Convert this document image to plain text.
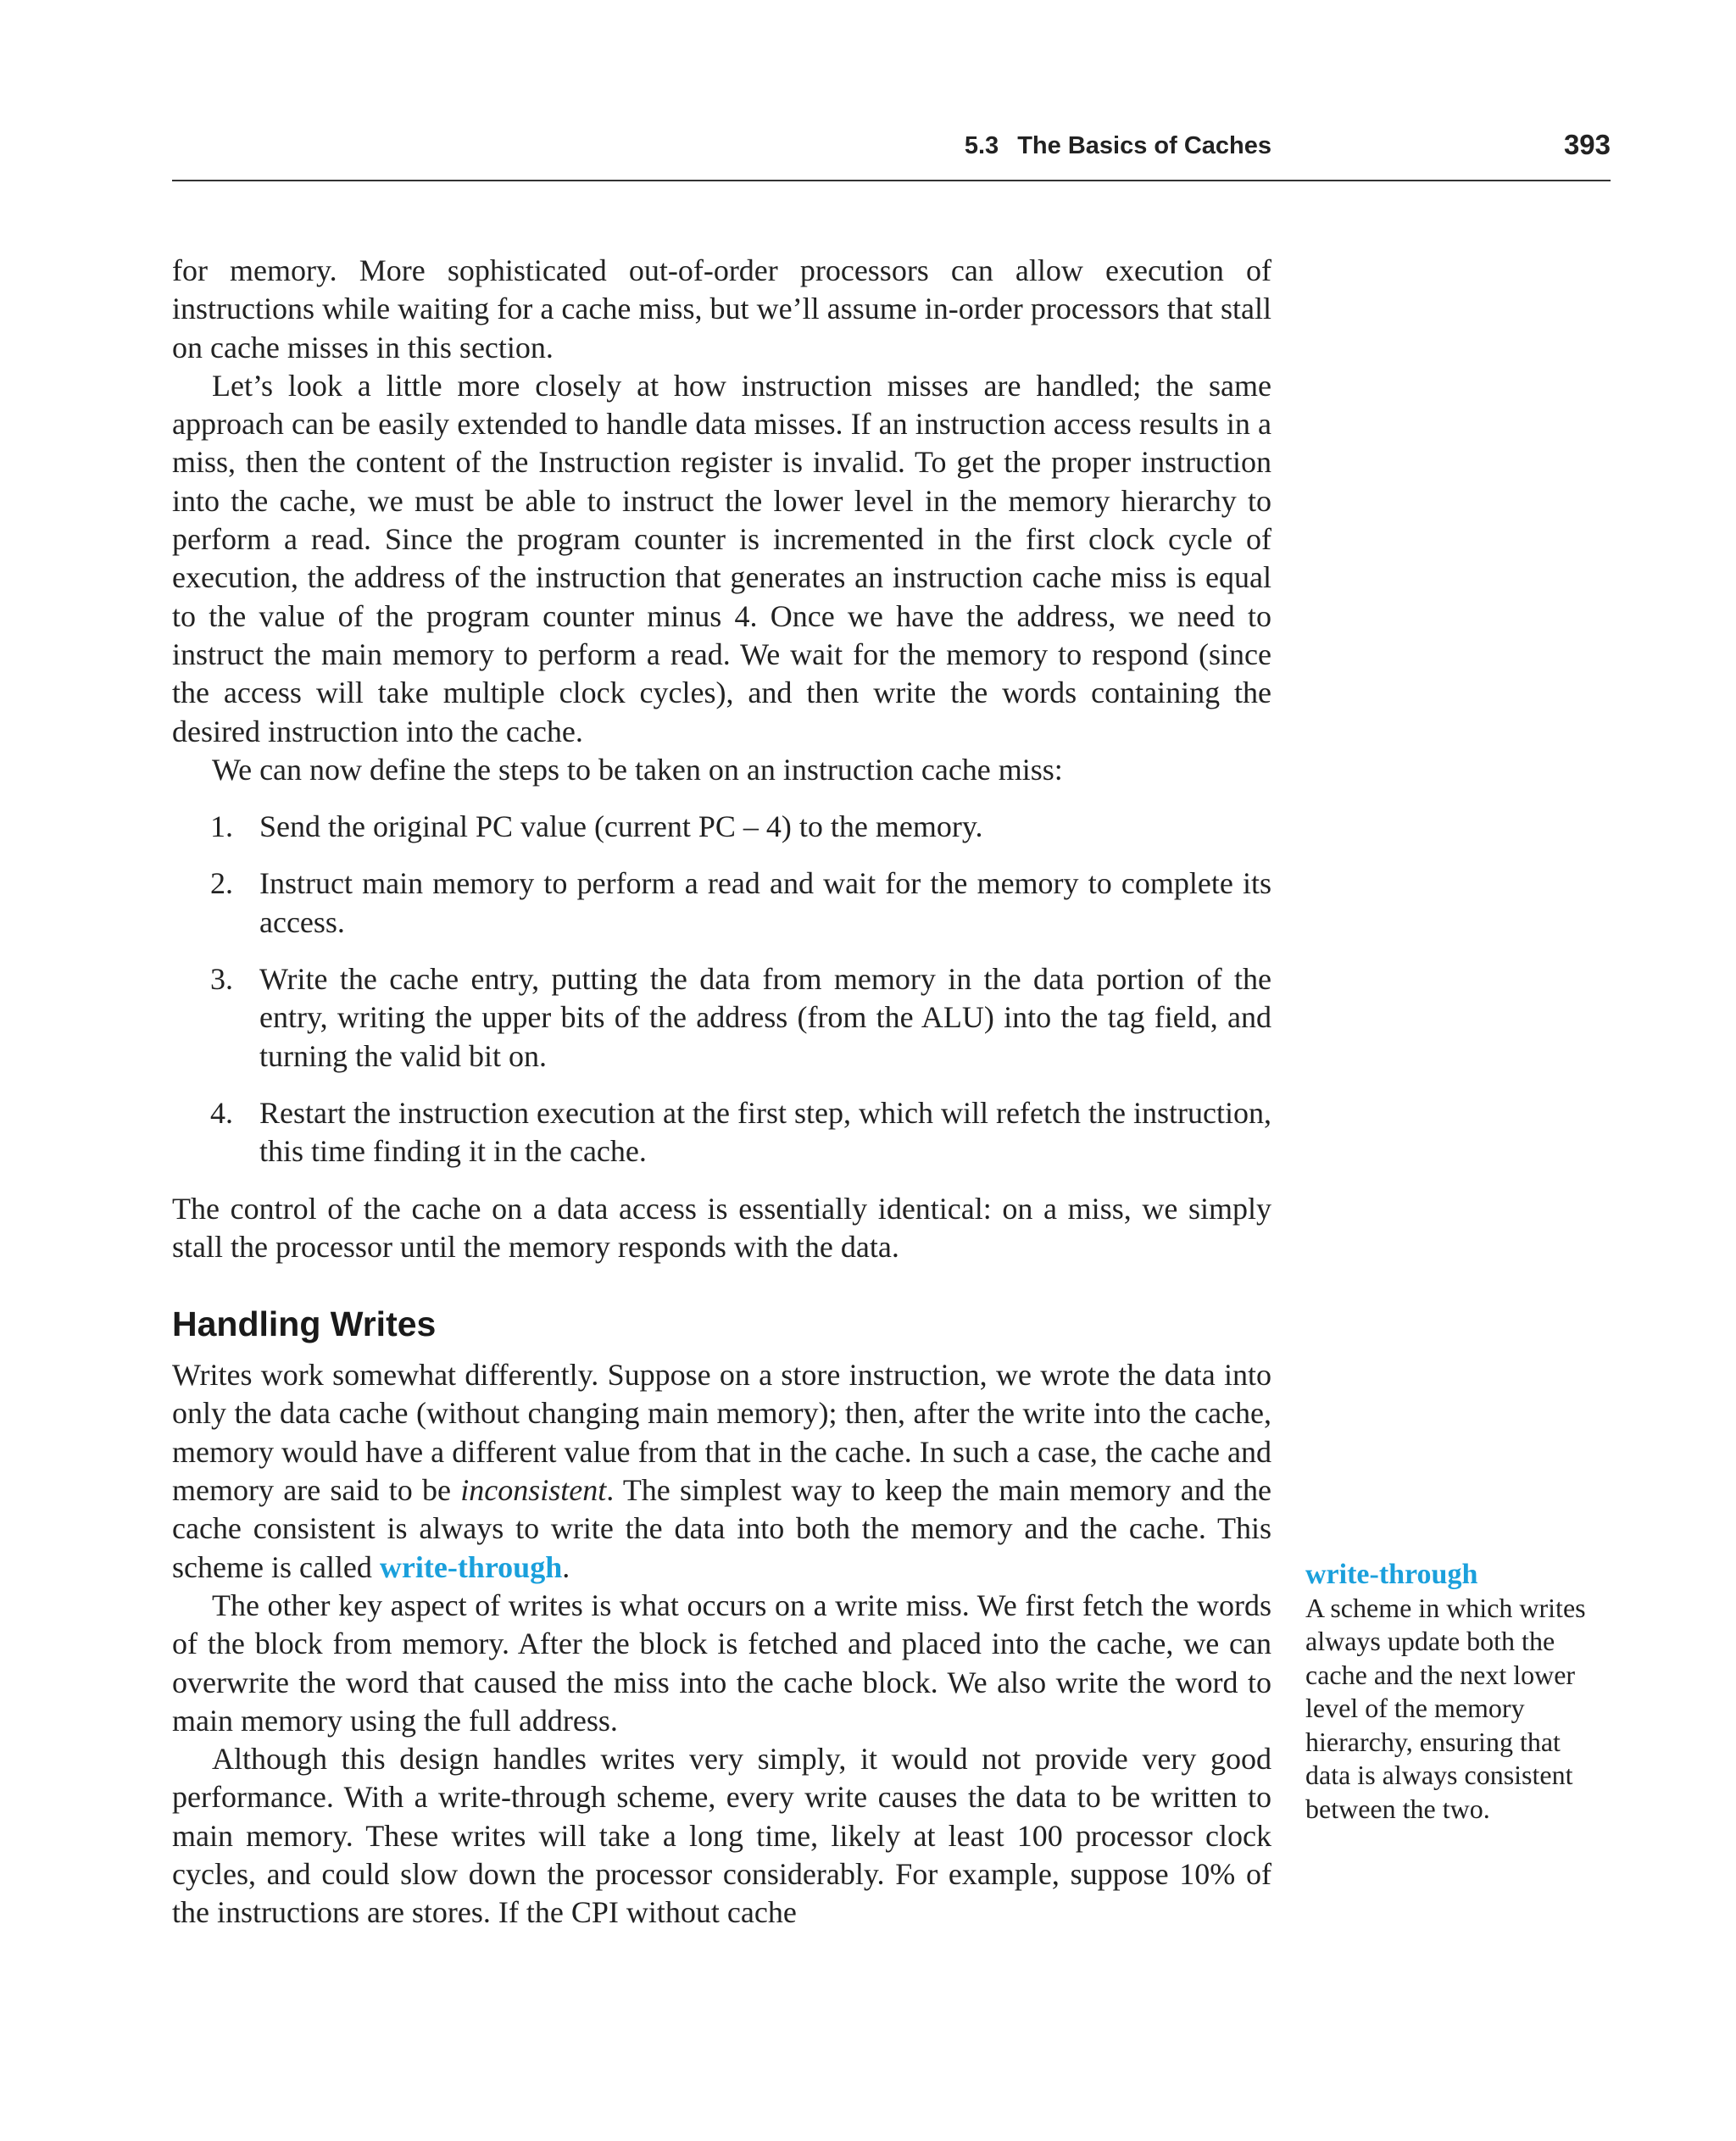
5.3 The Basics of Caches	393

for memory. More sophisticated out-of-order processors can allow execution of instructions while waiting for a cache miss, but we’ll assume in-order processors that stall on cache misses in this section.

Let’s look a little more closely at how instruction misses are handled; the same approach can be easily extended to handle data misses. If an instruction access results in a miss, then the content of the Instruction register is invalid. To get the proper instruction into the cache, we must be able to instruct the lower level in the memory hierarchy to perform a read. Since the program counter is incremented in the first clock cycle of execution, the address of the instruction that generates an instruction cache miss is equal to the value of the program counter minus 4. Once we have the address, we need to instruct the main memory to perform a read. We wait for the memory to respond (since the access will take multiple clock cycles), and then write the words containing the desired instruction into the cache.

We can now define the steps to be taken on an instruction cache miss:

1. Send the original PC value (current PC – 4) to the memory.
2. Instruct main memory to perform a read and wait for the memory to complete its access.
3. Write the cache entry, putting the data from memory in the data portion of the entry, writing the upper bits of the address (from the ALU) into the tag field, and turning the valid bit on.
4. Restart the instruction execution at the first step, which will refetch the instruction, this time finding it in the cache.

The control of the cache on a data access is essentially identical: on a miss, we simply stall the processor until the memory responds with the data.

Handling Writes

Writes work somewhat differently. Suppose on a store instruction, we wrote the data into only the data cache (without changing main memory); then, after the write into the cache, memory would have a different value from that in the cache. In such a case, the cache and memory are said to be inconsistent. The simplest way to keep the main memory and the cache consistent is always to write the data into both the memory and the cache. This scheme is called write-through.

The other key aspect of writes is what occurs on a write miss. We first fetch the words of the block from memory. After the block is fetched and placed into the cache, we can overwrite the word that caused the miss into the cache block. We also write the word to main memory using the full address.

Although this design handles writes very simply, it would not provide very good performance. With a write-through scheme, every write causes the data to be written to main memory. These writes will take a long time, likely at least 100 processor clock cycles, and could slow down the processor considerably. For example, suppose 10% of the instructions are stores. If the CPI without cache

write-through
A scheme in which writes always update both the cache and the next lower level of the memory hierarchy, ensuring that data is always consistent between the two.
